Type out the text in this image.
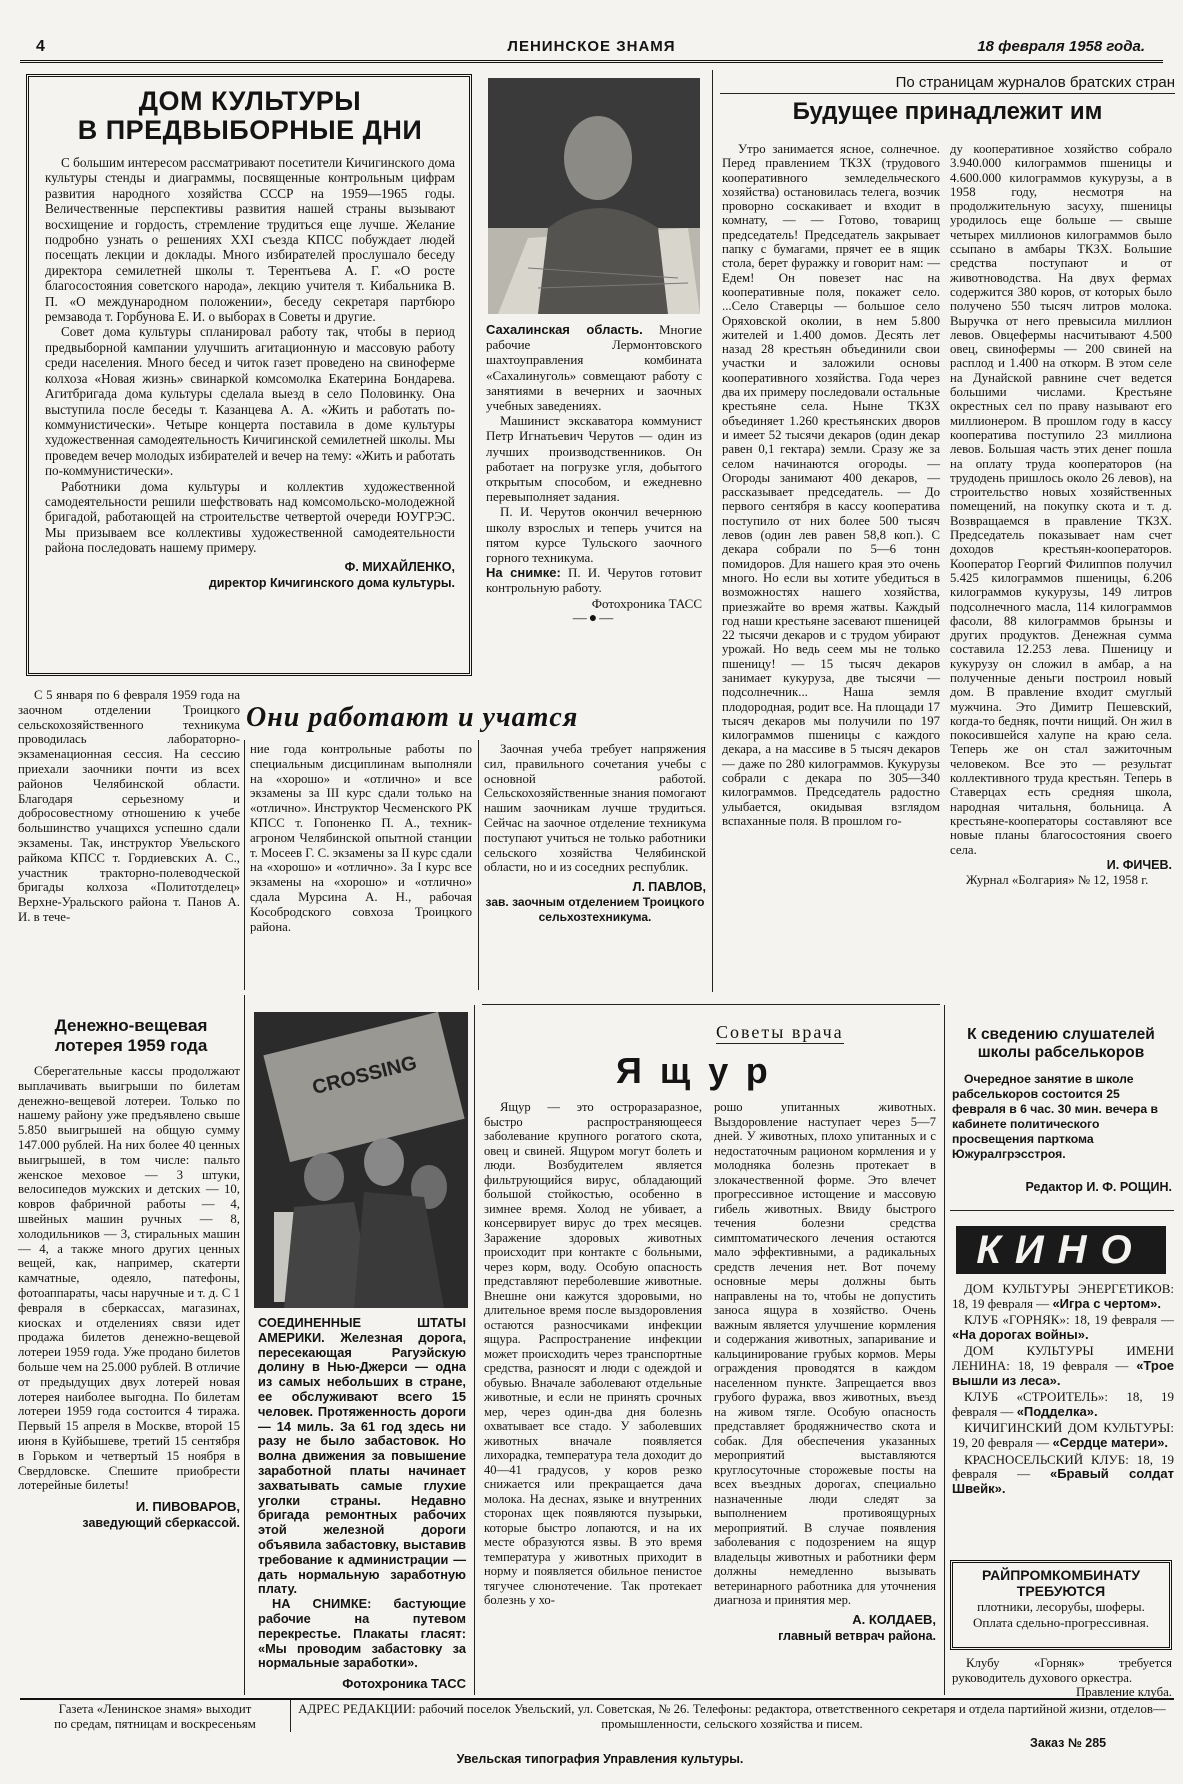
4	ЛЕНИНСКОЕ ЗНАМЯ	18 февраля 1958 года.
ДОМ КУЛЬТУРЫ
В ПРЕДВЫБОРНЫЕ ДНИ

С большим интересом рассматривают посетители Кичигинского дома культуры стенды и диаграммы, посвященные контрольным цифрам развития народного хозяйства СССР на 1959—1965 годы. Величественные перспективы развития нашей страны вызывают восхищение и гордость, стремление трудиться еще лучше. Желание подробно узнать о решениях XXI съезда КПСС побуждает людей посещать лекции и доклады. Много избирателей прослушало беседу директора семилетней школы т. Терентьева А. Г. «О росте благосостояния советского народа», лекцию учителя т. Кибальника В. П. «О международном положении», беседу секретаря партбюро ремзавода т. Горбунова Е. И. о выборах в Советы и другие.

Совет дома культуры спланировал работу так, чтобы в период предвыборной кампании улучшить агитационную и массовую работу среди населения. Много бесед и читок газет проведено на свиноферме колхоза «Новая жизнь» свинаркой комсомолка Екатерина Бондарева. Агитбригада дома культуры сделала выезд в село Половинку. Она выступила после беседы т. Казанцева А. А. «Жить и работать по-коммунистически». Четыре концерта поставила в доме культуры художественная самодеятельность Кичигинской семилетней школы. Мы проведем вечер молодых избирателей и вечер на тему: «Жить и работать по-коммунистически».

Работники дома культуры и коллектив художественной самодеятельности решили шефствовать над комсомольско-молодежной бригадой, работающей на строительстве четвертой очереди ЮУГРЭС. Мы призываем все коллективы художественной самодеятельности района последовать нашему примеру.

Ф. МИХАЙЛЕНКО,
директор Кичигинского дома культуры.
Сахалинская область. Многие рабочие Лермонтовского шахтоуправления комбината «Сахалинуголь» совмещают работу с занятиями в вечерних и заочных учебных заведениях.
Машинист экскаватора коммунист Петр Игнатьевич Черутов — один из лучших производственников. Он работает на погрузке угля, добытого открытым способом, и ежедневно перевыполняет задания.
П. И. Черутов окончил вечернюю школу взрослых и теперь учится на пятом курсе Тульского заочного горного техникума.
На снимке: П. И. Черутов готовит контрольную работу.
Фотохроника ТАСС
—●—
По страницам журналов братских стран
Будущее принадлежит им

Утро занимается ясное, солнечное. Перед правлением ТКЗХ (трудового кооперативного земледельческого хозяйства) остановилась телега, возчик проворно соскакивает и входит в комнату, — — Готово, товарищ председатель! Председатель закрывает папку с бумагами, прячет ее в ящик стола, берет фуражку и говорит нам: — Едем! Он повезет нас на кооперативные поля, покажет село. ...Село Ставерцы — большое село Оряховской околии, в нем 5.800 жителей и 1.400 домов. Десять лет назад 28 крестьян объединили свои участки и заложили основы кооперативного хозяйства. Года через два их примеру последовали остальные крестьяне села. Ныне ТКЗХ объединяет 1.260 крестьянских дворов и имеет 52 тысячи декаров (один декар равен 0,1 гектара) земли. Сразу же за селом начинаются огороды. — Огороды занимают 400 декаров, — рассказывает председатель. — До первого сентября в кассу кооператива поступило от них более 500 тысяч левов (один лев равен 58,8 коп.). С декара собрали по 5—6 тонн помидоров. Для нашего края это очень много. Но если вы хотите убедиться в возможностях нашего хозяйства, приезжайте во время жатвы. Каждый год наши крестьяне засевают пшеницей 22 тысячи декаров и с трудом убирают урожай. Но ведь сеем мы не только пшеницу! — 15 тысяч декаров занимает кукуруза, две тысячи — подсолнечник... Наша земля плодородная, родит все. На площади 17 тысяч декаров мы получили по 197 килограммов пшеницы с каждого декара, а на массиве в 5 тысяч декаров — даже по 280 килограммов. Кукурузы собрали с декара по 305—340 килограммов. Председатель радостно улыбается, окидывая взглядом вспаханные поля. В прошлом го-

ду кооперативное хозяйство собрало 3.940.000 килограммов пшеницы и 4.600.000 килограммов кукурузы, а в 1958 году, несмотря на продолжительную засуху, пшеницы уродилось еще больше — свыше четырех миллионов килограммов было ссыпано в амбары ТКЗХ. Большие средства поступают и от животноводства. На двух фермах содержится 380 коров, от которых было получено 550 тысяч литров молока. Выручка от него превысила миллион левов. Овцефермы насчитывают 4.500 овец, свинофермы — 200 свиней на расплод и 1.400 на откорм. В этом селе на Дунайской равнине счет ведется большими числами. Крестьяне окрестных сел по праву называют его миллионером. В прошлом году в кассу кооператива поступило 23 миллиона левов. Большая часть этих денег пошла на оплату труда кооператоров (на трудодень пришлось около 26 левов), на строительство новых хозяйственных помещений, на покупку скота и т. д. Возвращаемся в правление ТКЗХ. Председатель показывает нам счет доходов крестьян-кооператоров. Кооператор Георгий Филиппов получил 5.425 килограммов пшеницы, 6.206 килограммов кукурузы, 149 литров подсолнечного масла, 114 килограммов фасоли, 88 килограммов брынзы и других продуктов. Денежная сумма составила 12.253 лева. Пшеницу и кукурузу он сложил в амбар, а на полученные деньги построил новый дом. В правление входит смуглый мужчина. Это Димитр Пешевский, когда-то бедняк, почти нищий. Он жил в покосившейся халупе на краю села. Теперь же он стал зажиточным человеком. Все это — результат коллективного труда крестьян. Теперь в Ставерцах есть средняя школа, народная читальня, больница. А крестьяне-кооператоры составляют все новые планы благосостояния своего села.

И. ФИЧЕВ.
Журнал «Болгария» № 12, 1958 г.
Они работают и учатся

С 5 января по 6 февраля 1959 года на заочном отделении Троицкого сельскохозяйственного техникума проводилась лабораторно-экзаменационная сессия. На сессию приехали заочники почти из всех районов Челябинской области. Благодаря серьезному и добросовестному отношению к учебе большинство учащихся успешно сдали экзамены. Так, инструктор Увельского райкома КПСС т. Гордиевских А. С., участник тракторно-полеводческой бригады колхоза «Политотделец» Верхне-Уральского района т. Панов А. И. в тече-

ние года контрольные работы по специальным дисциплинам выполняли на «хорошо» и «отлично» и все экзамены за III курс сдали только на «отлично». Инструктор Чесменского РК КПСС т. Гопоненко П. А., техник-агроном Челябинской опытной станции т. Мосеев Г. С. экзамены за II курс сдали на «хорошо» и «отлично». За I курс все экзамены на «хорошо» и «отлично» сдала Мурсина А. Н., рабочая Кособродского совхоза Троицкого района.

Заочная учеба требует напряжения сил, правильного сочетания учебы с основной работой. Сельскохозяйственные знания помогают нашим заочникам лучше трудиться. Сейчас на заочное отделение техникума поступают учиться не только работники сельского хозяйства Челябинской области, но и из соседних республик.

Л. ПАВЛОВ,
зав. заочным отделением Троицкого сельхозтехникума.
Денежно-вещевая лотерея 1959 года

Сберегательные кассы продолжают выплачивать выигрыши по билетам денежно-вещевой лотереи. Только по нашему району уже предъявлено свыше 5.850 выигрышей на общую сумму 147.000 рублей. На них более 40 ценных выигрышей, в том числе: пальто женское меховое — 3 штуки, велосипедов мужских и детских — 10, ковров фабричной работы — 4, швейных машин ручных — 8, холодильников — 3, стиральных машин — 4, а также много других ценных вещей, как, например, скатерти камчатные, одеяло, патефоны, фотоаппараты, часы наручные и т. д. С 1 февраля в сберкассах, магазинах, киосках и отделениях связи идет продажа билетов денежно-вещевой лотереи 1959 года. Уже продано билетов больше чем на 25.000 рублей. В отличие от предыдущих двух лотерей новая лотерея наиболее выгодна. По билетам лотереи 1959 года состоится 4 тиража. Первый 15 апреля в Москве, второй 15 июня в Куйбышеве, третий 15 сентября в Горьком и четвертый 15 ноября в Свердловске. Спешите приобрести лотерейные билеты!

И. ПИВОВАРОВ,
заведующий сберкассой.
CROSSING
СОЕДИНЕННЫЕ ШТАТЫ АМЕРИКИ. Железная дорога, пересекающая Рагуэйскую долину в Нью-Джерси — одна из самых небольших в стране, ее обслуживают всего 15 человек. Протяженность дороги — 14 миль. За 61 год здесь ни разу не было забастовок. Но волна движения за повышение заработной платы начинает захватывать самые глухие уголки страны. Недавно бригада ремонтных рабочих этой железной дороги объявила забастовку, выставив требование к администрации — дать нормальную заработную плату.
НА СНИМКЕ: бастующие рабочие на путевом перекрестье. Плакаты гласят: «Мы проводим забастовку за нормальные заработки».
Фотохроника ТАСС
Советы врача
Ящур

Ящур — это остроразаразное, быстро распространяющееся заболевание крупного рогатого скота, овец и свиней. Ящуром могут болеть и люди. Возбудителем является фильтрующийся вирус, обладающий большой стойкостью, особенно в зимнее время. Холод не убивает, а консервирует вирус до трех месяцев. Заражение здоровых животных происходит при контакте с больными, через корм, воду. Особую опасность представляют переболевшие животные. Внешне они кажутся здоровыми, но длительное время после выздоровления остаются разносчиками инфекции ящура. Распространение инфекции может происходить через транспортные средства, разносят и люди с одеждой и обувью. Вначале заболевают отдельные животные, и если не принять срочных мер, через один-два дня болезнь охватывает все стадо. У заболевших животных вначале появляется лихорадка, температура тела доходит до 40—41 градусов, у коров резко снижается или прекращается дача молока. На деснах, языке и внутренних сторонах щек появляются пузырьки, которые быстро лопаются, и на их месте образуются язвы. В это время температура у животных приходит в норму и появляется обильное пенистое тягучее слюнотечение. Так протекает болезнь у хо-

рошо упитанных животных. Выздоровление наступает через 5—7 дней. У животных, плохо упитанных и с недостаточным рационом кормления и у молодняка болезнь протекает в злокачественной форме. Это влечет прогрессивное истощение и массовую гибель животных. Ввиду быстрого течения болезни средства симптоматического лечения остаются мало эффективными, а радикальных средств лечения нет. Вот почему основные меры должны быть направлены на то, чтобы не допустить заноса ящура в хозяйство. Очень важным является улучшение кормления и содержания животных, запаривание и кальцинирование грубых кормов. Меры ограждения проводятся в каждом населенном пункте. Запрещается ввоз грубого фуража, ввоз животных, въезд на живом тягле. Особую опасность представляет бродяжничество скота и собак. Для обеспечения указанных мероприятий выставляются круглосуточные сторожевые посты на всех въездных дорогах, специально назначенные люди следят за выполнением противоящурных мероприятий. В случае появления заболевания с подозрением на ящур владельцы животных и работники ферм должны немедленно вызывать ветеринарного работника для уточнения диагноза и принятия мер.

А. КОЛДАЕВ,
главный ветврач района.
К сведению слушателей школы рабселькоров
Очередное занятие в школе рабселькоров состоится 25 февраля в 6 час. 30 мин. вечера в кабинете политического просвещения парткома Южуралгрэсстроя.
Редактор И. Ф. РОЩИН.
КИНО
ДОМ КУЛЬТУРЫ ЭНЕРГЕТИКОВ: 18, 19 февраля — «Игра с чертом».
КЛУБ «ГОРНЯК»: 18, 19 февраля — «На дорогах войны».
ДОМ КУЛЬТУРЫ ИМЕНИ ЛЕНИНА: 18, 19 февраля — «Трое вышли из леса».
КЛУБ «СТРОИТЕЛЬ»: 18, 19 февраля — «Подделка».
КИЧИГИНСКИЙ ДОМ КУЛЬТУРЫ: 19, 20 февраля — «Сердце матери».
КРАСНОСЕЛЬСКИЙ КЛУБ: 18, 19 февраля — «Бравый солдат Швейк».
РАЙПРОМКОМБИНАТУ
ТРЕБУЮТСЯ
плотники, лесорубы, шоферы.
Оплата сдельно-прогрессивная.
Клубу «Горняк» требуется руководитель духового оркестра.
Правление клуба.
Газета «Ленинское знамя» выходит
по средам, пятницам и воскресеньям
АДРЕС РЕДАКЦИИ: рабочий поселок Увельский, ул. Советская, № 26. Телефоны: редактора, ответственного секретаря и отдела партийной жизни, отделов—промышленности, сельского хозяйства и писем.
Увельская типография Управления культуры.
Заказ № 285
